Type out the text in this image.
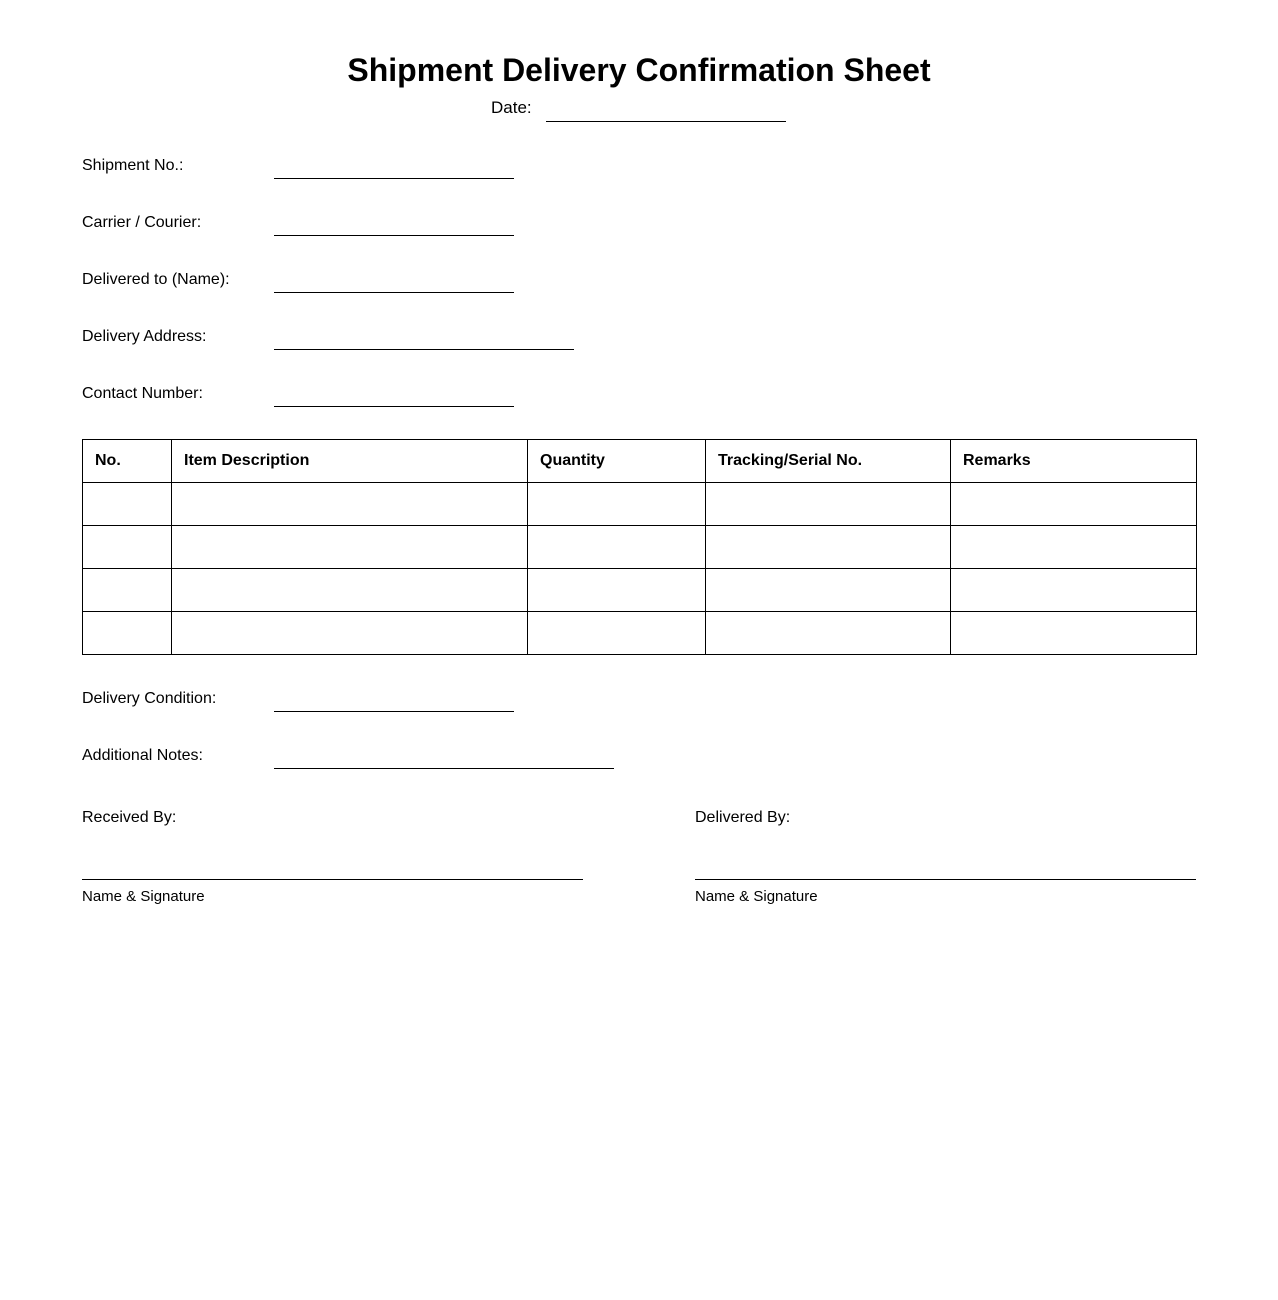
Shipment Delivery Confirmation Sheet
Date:
Shipment No.:
Carrier / Courier:
Delivered to (Name):
Delivery Address:
Contact Number:
No.	Item Description	Quantity	Tracking/Serial No.	Remarks

Delivery Condition:
Additional Notes:
Received By:
Name & Signature
Delivered By:
Name & Signature
